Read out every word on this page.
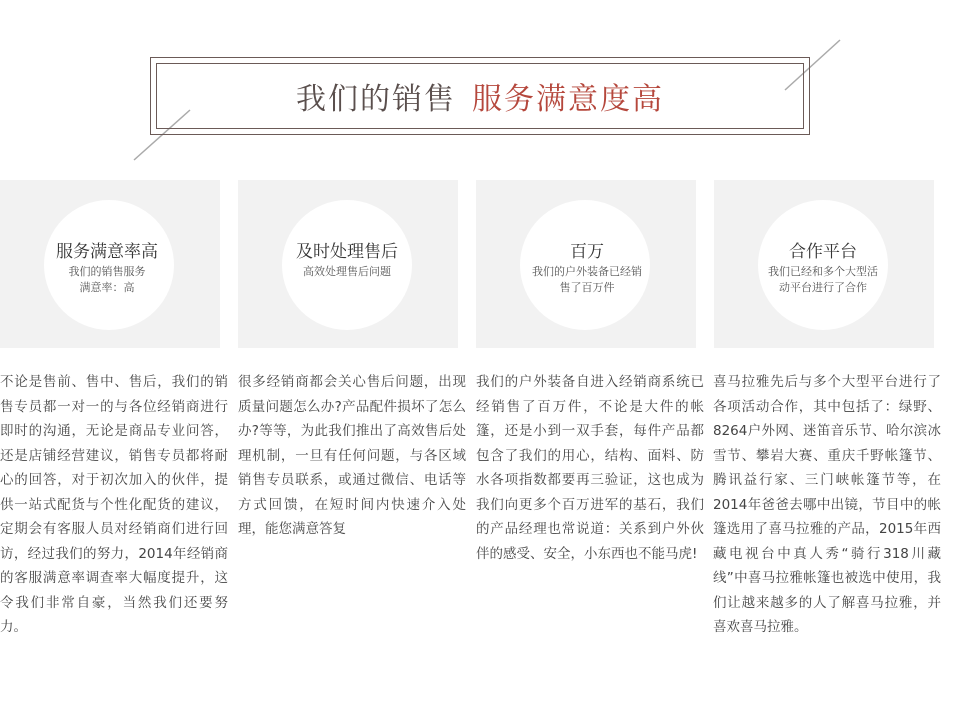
我们的销售 服务满意度高
服务满意率高
我们的销售服务
满意率：高
及时处理售后
高效处理售后问题
百万
我们的户外装备已经销
售了百万件
合作平台
我们已经和多个大型活
动平台进行了合作
不论是售前、售中、售后，我们的销售专员都一对一的与各位经销商进行即时的沟通，无论是商品专业问答，还是店铺经营建议，销售专员都将耐心的回答，对于初次加入的伙伴，提供一站式配货与个性化配货的建议，定期会有客服人员对经销商们进行回访，经过我们的努力，2014年经销商的客服满意率调查率大幅度提升，这令我们非常自豪，当然我们还要努力。
很多经销商都会关心售后问题，出现质量问题怎么办?产品配件损坏了怎么办?等等，为此我们推出了高效售后处理机制，一旦有任何问题，与各区域销售专员联系，或通过微信、电话等方式回馈，在短时间内快速介入处理，能您满意答复
我们的户外装备自进入经销商系统已经销售了百万件，不论是大件的帐篷，还是小到一双手套，每件产品都包含了我们的用心，结构、面料、防水各项指数都要再三验证，这也成为我们向更多个百万进军的基石，我们的产品经理也常说道：关系到户外伙伴的感受、安全，小东西也不能马虎!
喜马拉雅先后与多个大型平台进行了各项活动合作，其中包括了：绿野、8264户外网、迷笛音乐节、哈尔滨冰雪节、攀岩大赛、重庆千野帐篷节、腾讯益行家、三门峡帐篷节等，在2014年爸爸去哪中出镜，节目中的帐篷选用了喜马拉雅的产品，2015年西藏电视台中真人秀“骑行318川藏线”中喜马拉雅帐篷也被选中使用，我们让越来越多的人了解喜马拉雅，并喜欢喜马拉雅。
